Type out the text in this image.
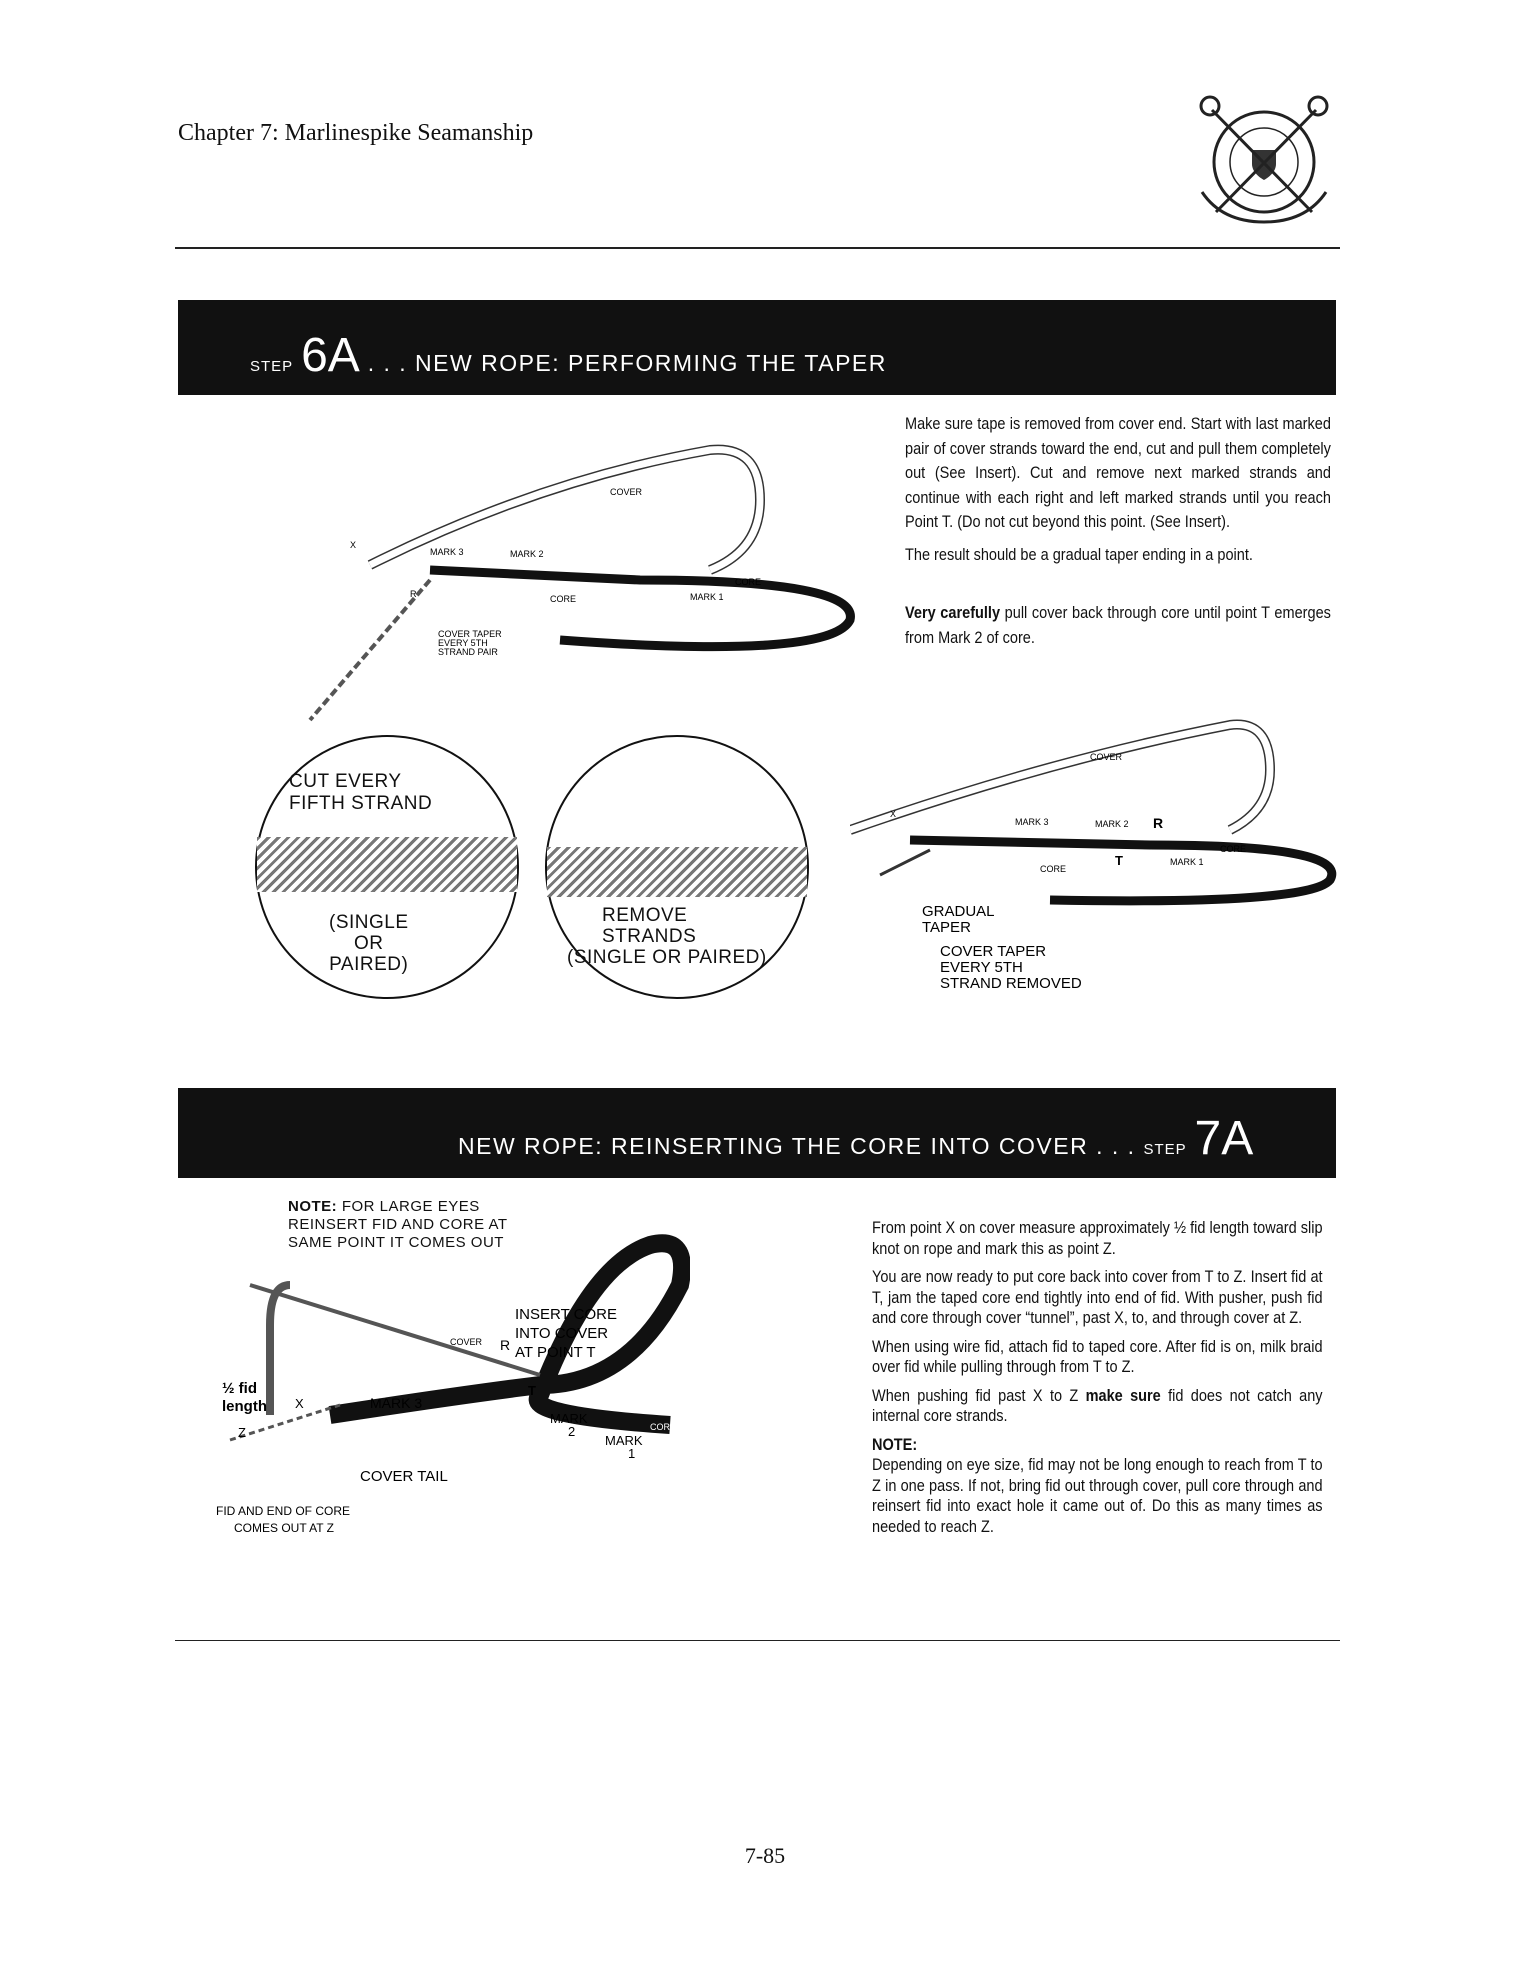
Chapter 7: Marlinespike Seamanship
STEP 6A . . . NEW ROPE: PERFORMING THE TAPER

Make sure tape is removed from cover end. Start with last marked pair of cover strands toward the end, cut and pull them completely out (See Insert). Cut and remove next marked strands and continue with each right and left marked strands until you reach Point T. (Do not cut beyond this point. (See Insert).

The result should be a gradual taper ending in a point.

Very carefully pull cover back through core until point T emerges from Mark 2 of core.

MARK 3	MARK 2
MARK 1
CORE
CORE
R
X
COVER
COVER TAPER
EVERY 5TH
STRAND PAIR
CUT EVERY
FIFTH STRAND
(SINGLE
OR
PAIRED)
REMOVE
STRANDS
(SINGLE OR PAIRED)
MARK 3	MARK 2 R
T	MARK 1
CORE
CORE
X
COVER
GRADUAL
TAPER
COVER TAPER
EVERY 5TH
STRAND REMOVED
NEW ROPE: REINSERTING THE CORE INTO COVER . . . STEP 7A
NOTE: FOR LARGE EYES
REINSERT FID AND CORE AT
SAME POINT IT COMES OUT
INSERT CORE
INTO COVER
AT POINT T
R
COVER
T
½ fid
length X
Z
MARK 3
CORE
MARK
2	CORE
MARK
1
COVER TAIL
FID AND END OF CORE
COMES OUT AT Z

From point X on cover measure approximately ½ fid length toward slip knot on rope and mark this as point Z.

You are now ready to put core back into cover from T to Z. Insert fid at T, jam the taped core end tightly into end of fid. With pusher, push fid and core through cover “tunnel”, past X, to, and through cover at Z.

When using wire fid, attach fid to taped core. After fid is on, milk braid over fid while pulling through from T to Z.

When pushing fid past X to Z make sure fid does not catch any internal core strands.

NOTE:

Depending on eye size, fid may not be long enough to reach from T to Z in one pass. If not, bring fid out through cover, pull core through and reinsert fid into exact hole it came out of. Do this as many times as needed to reach Z.

7-85
